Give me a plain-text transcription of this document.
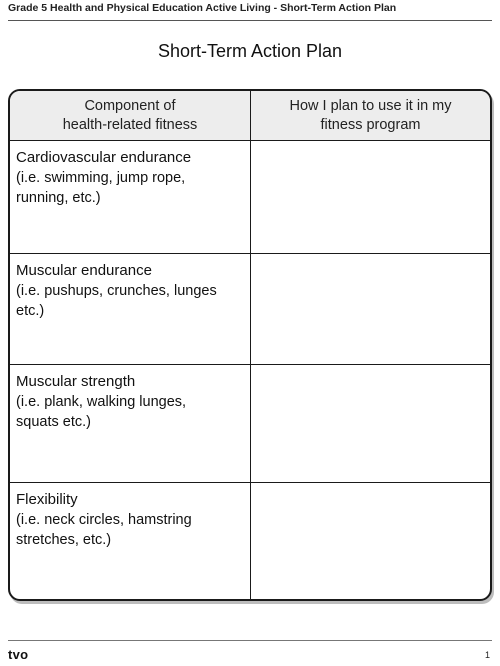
Grade 5 Health and Physical Education Active Living - Short-Term Action Plan
Short-Term Action Plan
Component of
health-related fitness
How I plan to use it in my
fitness program
Cardiovascular endurance
(i.e. swimming, jump rope,
running, etc.)
Muscular endurance
(i.e. pushups, crunches, lunges
etc.)
Muscular strength
(i.e. plank, walking lunges,
squats etc.)
Flexibility
(i.e. neck circles, hamstring
stretches, etc.)
tvo	1
